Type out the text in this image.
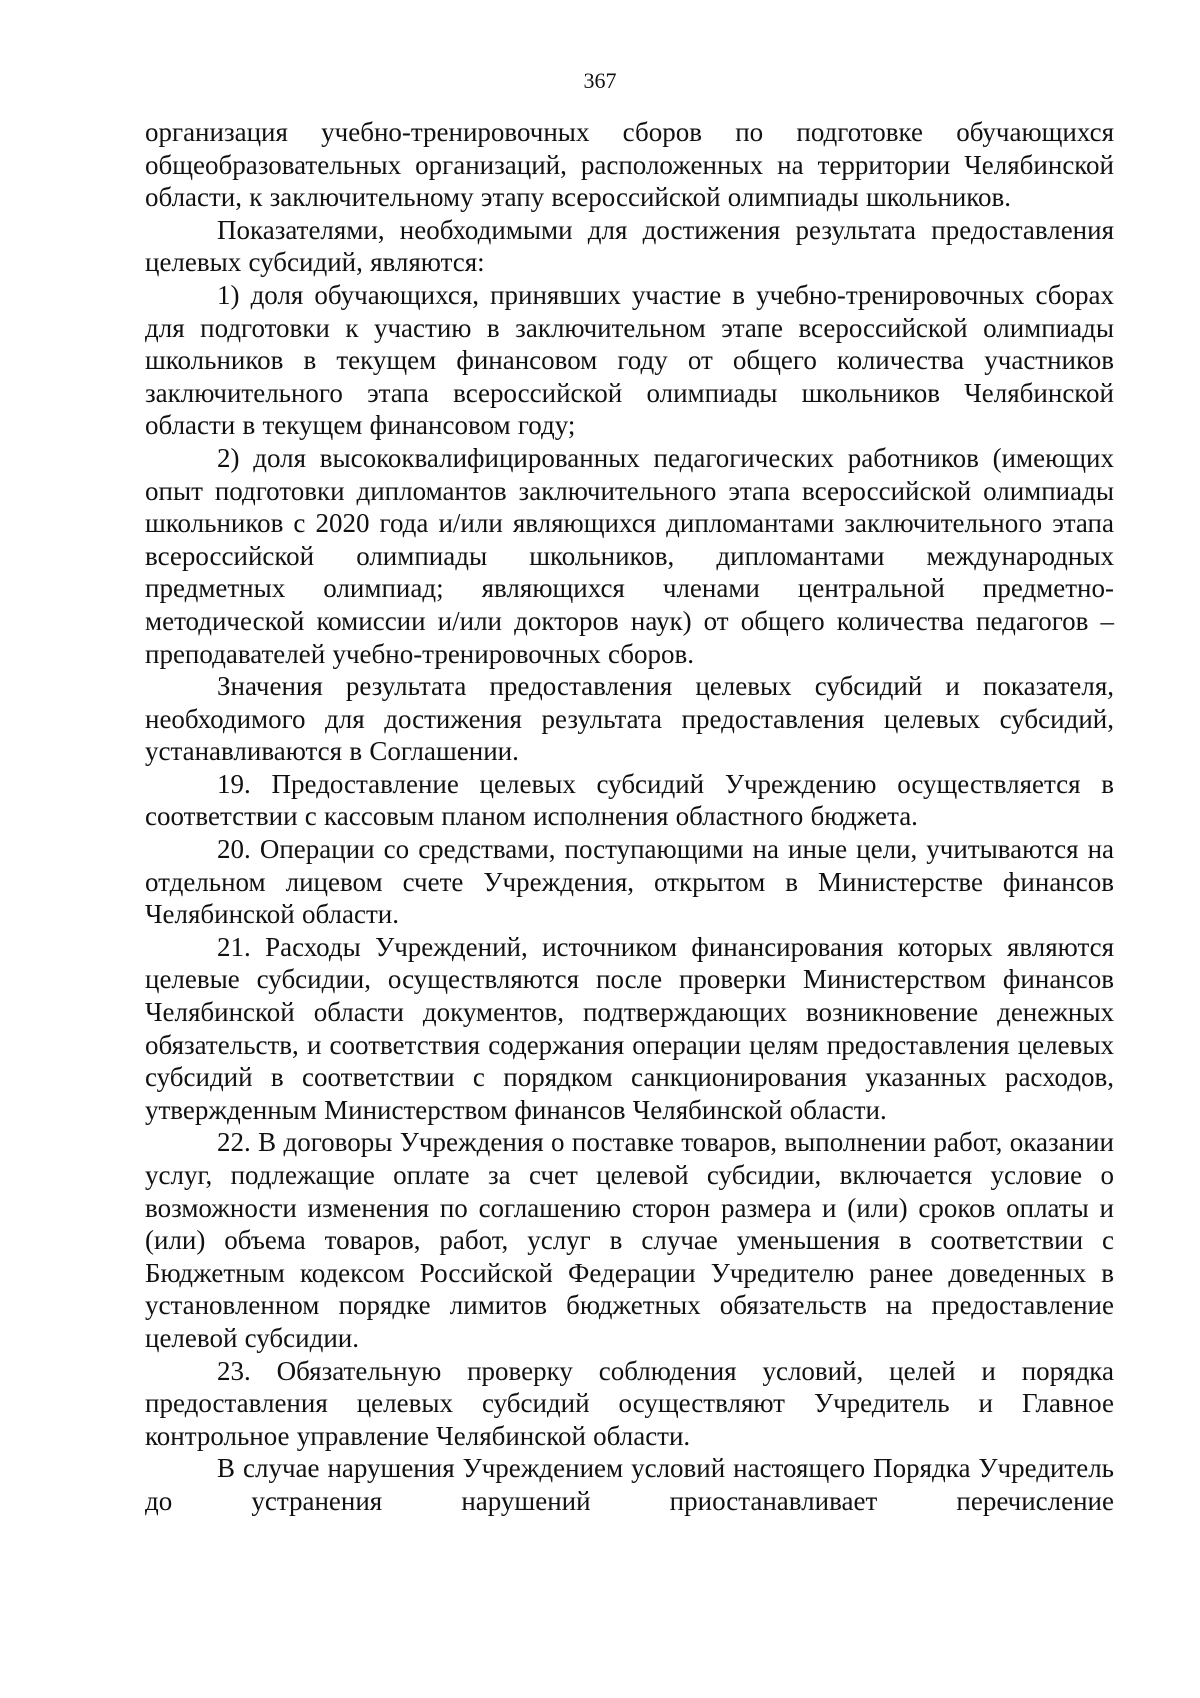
367

организация учебно-тренировочных сборов по подготовке обучающихся общеобразовательных организаций, расположенных на территории Челябинской области, к заключительному этапу всероссийской олимпиады школьников.

Показателями, необходимыми для достижения результата предоставления целевых субсидий, являются:

1) доля обучающихся, принявших участие в учебно-тренировочных сборах для подготовки к участию в заключительном этапе всероссийской олимпиады школьников в текущем финансовом году от общего количества участников заключительного этапа всероссийской олимпиады школьников Челябинской области в текущем финансовом году;

2) доля высококвалифицированных педагогических работников (имеющих опыт подготовки дипломантов заключительного этапа всероссийской олимпиады школьников с 2020 года и/или являющихся дипломантами заключительного этапа всероссийской олимпиады школьников, дипломантами международных предметных олимпиад; являющихся членами центральной предметно-методической комиссии и/или докторов наук) от общего количества педагогов – преподавателей учебно-тренировочных сборов.

Значения результата предоставления целевых субсидий и показателя, необходимого для достижения результата предоставления целевых субсидий, устанавливаются в Соглашении.

19. Предоставление целевых субсидий Учреждению осуществляется в соответствии с кассовым планом исполнения областного бюджета.

20. Операции со средствами, поступающими на иные цели, учитываются на отдельном лицевом счете Учреждения, открытом в Министерстве финансов Челябинской области.

21. Расходы Учреждений, источником финансирования которых являются целевые субсидии, осуществляются после проверки Министерством финансов Челябинской области документов, подтверждающих возникновение денежных обязательств, и соответствия содержания операции целям предоставления целевых субсидий в соответствии с порядком санкционирования указанных расходов, утвержденным Министерством финансов Челябинской области.

22. В договоры Учреждения о поставке товаров, выполнении работ, оказании услуг, подлежащие оплате за счет целевой субсидии, включается условие о возможности изменения по соглашению сторон размера и (или) сроков оплаты и (или) объема товаров, работ, услуг в случае уменьшения в соответствии с Бюджетным кодексом Российской Федерации Учредителю ранее доведенных в установленном порядке лимитов бюджетных обязательств на предоставление целевой субсидии.

23. Обязательную проверку соблюдения условий, целей и порядка предоставления целевых субсидий осуществляют Учредитель и Главное контрольное управление Челябинской области.

В случае нарушения Учреждением условий настоящего Порядка Учредитель до устранения нарушений приостанавливает перечисление
